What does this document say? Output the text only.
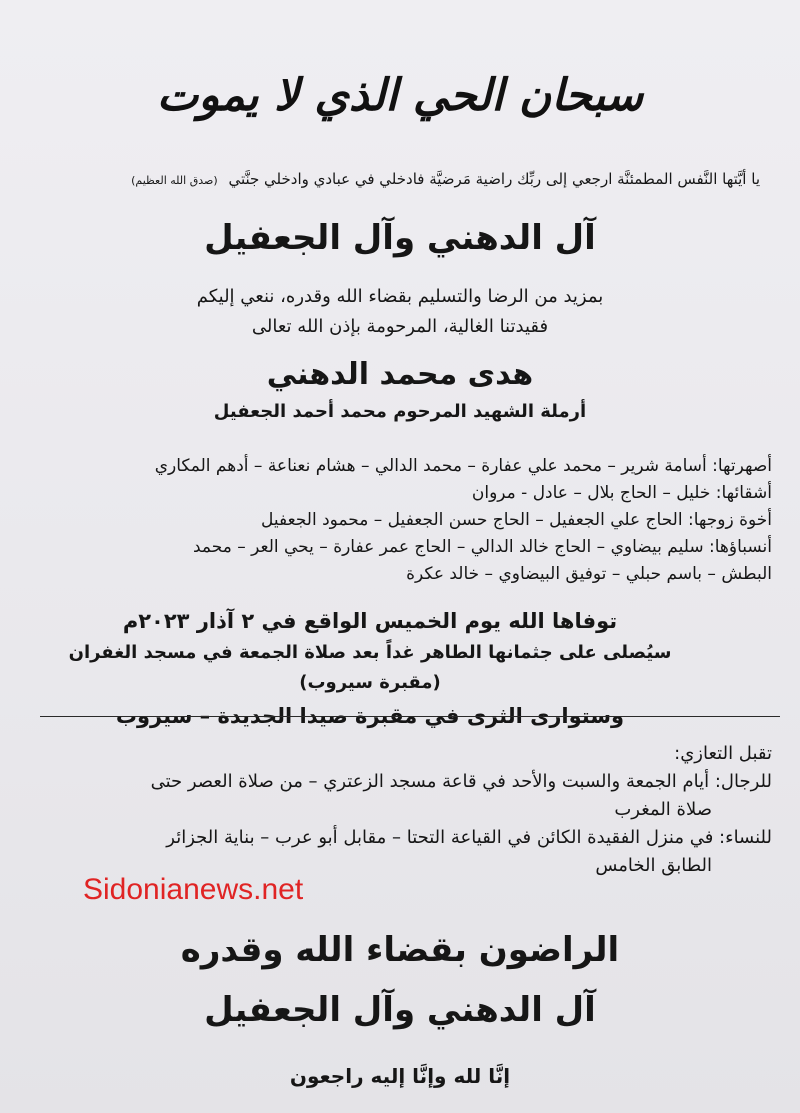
سبحان الحي الذي لا يموت
يا أيَّتها النَّفس المطمئنَّة ارجعي إلى ربِّك راضية مَرضيَّة فادخلي في عبادي وادخلي جنَّتي (صدق الله العظيم)
آل الدهني وآل الجعفيل
بمزيد من الرضا والتسليم بقضاء الله وقدره، ننعي إليكم
فقيدتنا الغالية، المرحومة بإذن الله تعالى
هدى محمد الدهني
أرملة الشهيد المرحوم محمد أحمد الجعفيل
أصهرتها: أسامة شرير – محمد علي عفارة – محمد الدالي – هشام نعناعة – أدهم المكاري
أشقائها: خليل – الحاج بلال – عادل - مروان
أخوة زوجها: الحاج علي الجعفيل – الحاج حسن الجعفيل – محمود الجعفيل
أنسباؤها: سليم بيضاوي – الحاج خالد الدالي – الحاج عمر عفارة – يحي العر – محمد
البطش – باسم حبلي – توفيق البيضاوي – خالد عكرة
توفاها الله يوم الخميس الواقع في ٢ آذار ٢٠٢٣م
سيُصلى على جثمانها الطاهر غداً بعد صلاة الجمعة في مسجد الغفران (مقبرة سيروب)
وستوارى الثرى في مقبرة صيدا الجديدة – سيروب
تقبل التعازي:
للرجال: أيام الجمعة والسبت والأحد في قاعة مسجد الزعتري – من صلاة العصر حتى
صلاة المغرب
للنساء: في منزل الفقيدة الكائن في القياعة التحتا – مقابل أبو عرب – بناية الجزائر
الطابق الخامس
Sidonianews.net
الراضون بقضاء الله وقدره
آل الدهني وآل الجعفيل
إنَّا لله وإنَّا إليه راجعون
